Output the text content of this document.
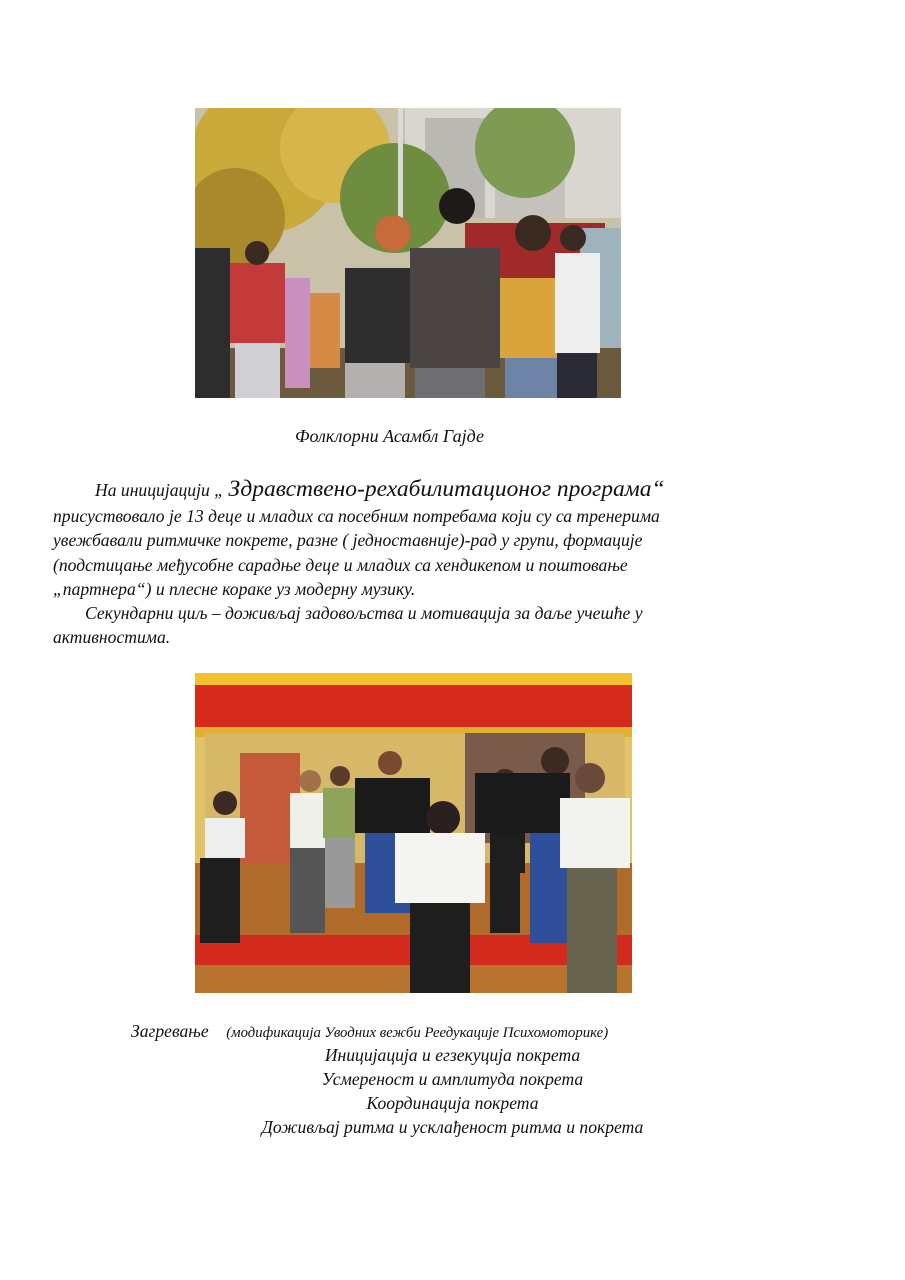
Фолклорни Асамбл Гајде
На иницијацији „ Здравствено-рехабилитационог програма“
присуствовало је 13 деце и младих са посебним потребама који су са тренерима
увежбавали ритмичке покрете, разне ( једноставније)-рад у групи, формације
(подстицање међусобне сарадње деце и младих са хендикепом и поштовање
„партнера“) и плесне кораке уз модерну музику.
Секундарни циљ – доживљај задовољства и мотивација за даље учешће у
активностима.
Загревање (модификација Уводних вежби Реедукације Психомоторике)
Иницијација и егзекуција покрета
Усмереност и амплитуда покрета
Координација покрета
Доживљај ритма и усклађеност ритма и покрета
